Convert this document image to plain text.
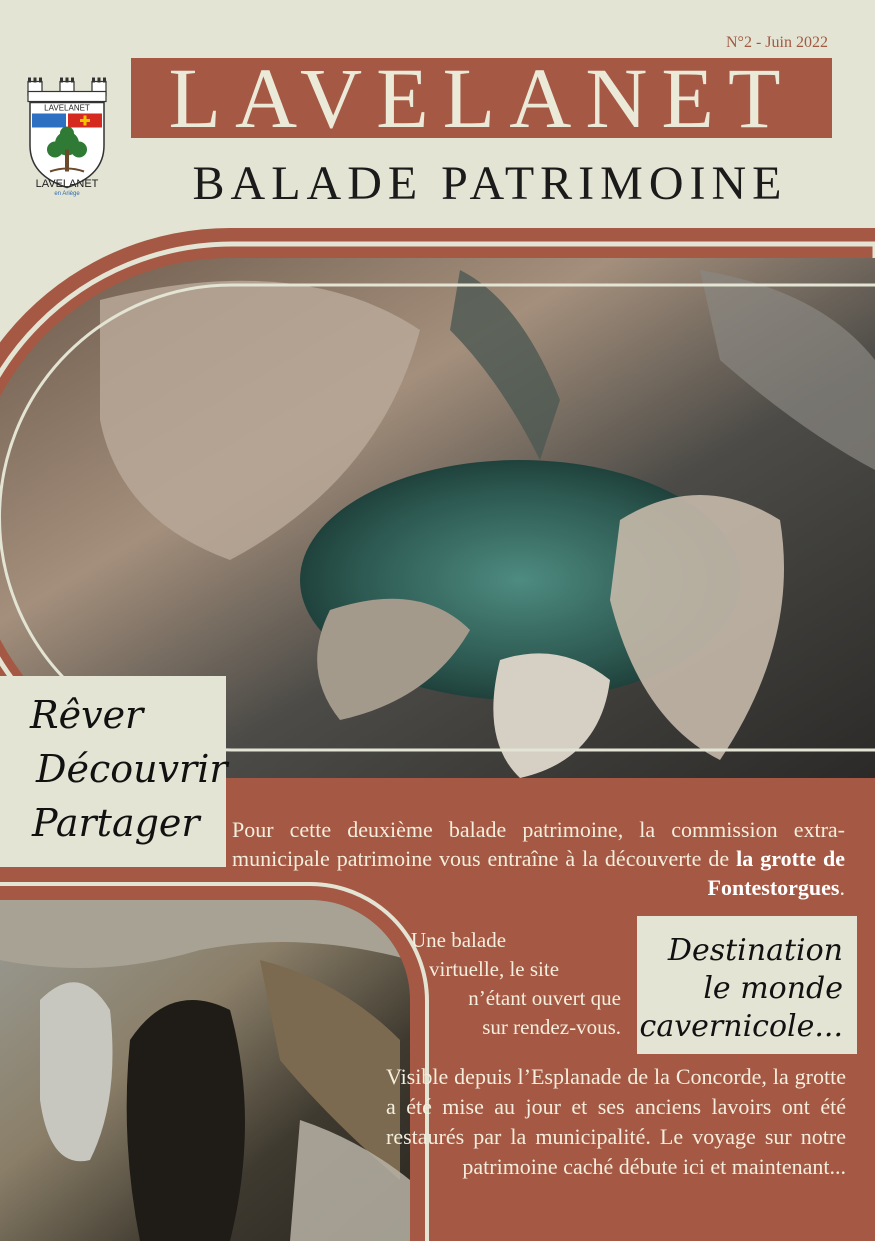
N°2 - Juin 2022
LAVELANET
BALADE PATRIMOINE
LAVELANET
LAVELANET
en Ariège
Rêver
Découvrir
Partager	Pour cette deuxième balade patrimoine, la commission extra-municipale patrimoine vous entraîne à la découverte de la grotte de Fontestorgues.
Une balade
virtuelle, le site
n’étant ouvert que
sur rendez-vous.
Destination
le monde
cavernicole...
Visible depuis l’Esplanade de la Concorde, la grotte a été mise au jour et ses anciens lavoirs ont été restaurés par la municipalité. Le voyage sur notre patrimoine caché débute ici et maintenant...
